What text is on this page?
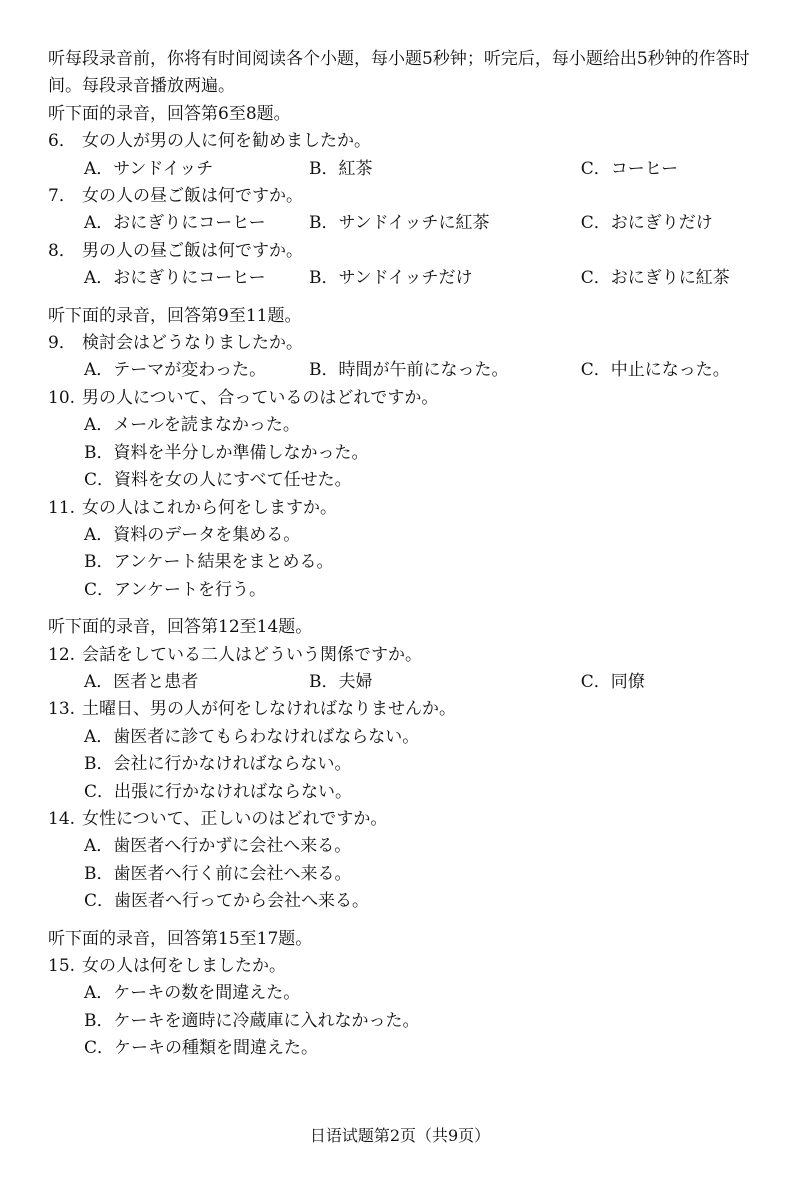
听每段录音前，你将有时间阅读各个小题，每小题5秒钟；听完后，每小题给出5秒钟的作答时间。每段录音播放两遍。
听下面的录音，回答第6至8题。
6． 女の人が男の人に何を勧めましたか。
A．サンドイッチ	B．紅茶	C．コーヒー
7． 女の人の昼ご飯は何ですか。
A．おにぎりにコーヒー	B．サンドイッチに紅茶	C．おにぎりだけ
8． 男の人の昼ご飯は何ですか。
A．おにぎりにコーヒー	B．サンドイッチだけ	C．おにぎりに紅茶
听下面的录音，回答第9至11题。
9． 検討会はどうなりましたか。
A．テーマが変わった。	B．時間が午前になった。	C．中止になった。
10. 男の人について、合っているのはどれですか。
A．メールを読まなかった。
B．資料を半分しか準備しなかった。
C．資料を女の人にすべて任せた。
11. 女の人はこれから何をしますか。
A．資料のデータを集める。
B．アンケート結果をまとめる。
C．アンケートを行う。
听下面的录音，回答第12至14题。
12. 会話をしている二人はどういう関係ですか。
A．医者と患者	B．夫婦	C．同僚
13. 土曜日、男の人が何をしなければなりませんか。
A．歯医者に診てもらわなければならない。
B．会社に行かなければならない。
C．出張に行かなければならない。
14. 女性について、正しいのはどれですか。
A．歯医者へ行かずに会社へ来る。
B．歯医者へ行く前に会社へ来る。
C．歯医者へ行ってから会社へ来る。
听下面的录音，回答第15至17题。
15. 女の人は何をしましたか。
A．ケーキの数を間違えた。
B．ケーキを適時に冷蔵庫に入れなかった。
C．ケーキの種類を間違えた。
日语试题第2页（共9页）
